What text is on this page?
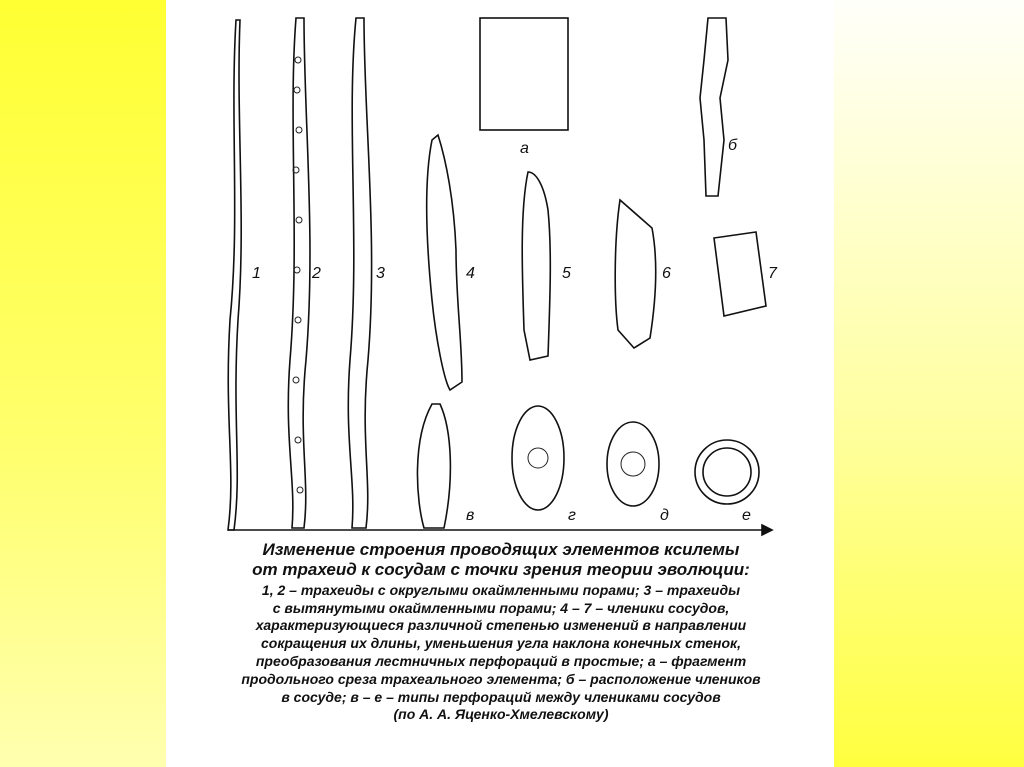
1	2	3	4	5	6	7
а	б
в	г	д	е
Изменение строения проводящих элементов ксилемы
от трахеид к сосудам с точки зрения теории эволюции:
1, 2 – трахеиды с округлыми окаймленными порами; 3 – трахеиды
с вытянутыми окаймленными порами; 4 – 7 – членики сосудов,
характеризующиеся различной степенью изменений в направлении
сокращения их длины, уменьшения угла наклона конечных стенок,
преобразования лестничных перфораций в простые; а – фрагмент
продольного среза трахеального элемента; б – расположение члеников
в сосуде; в – е – типы перфораций между члениками сосудов
(по А. А. Яценко-Хмелевскому)
